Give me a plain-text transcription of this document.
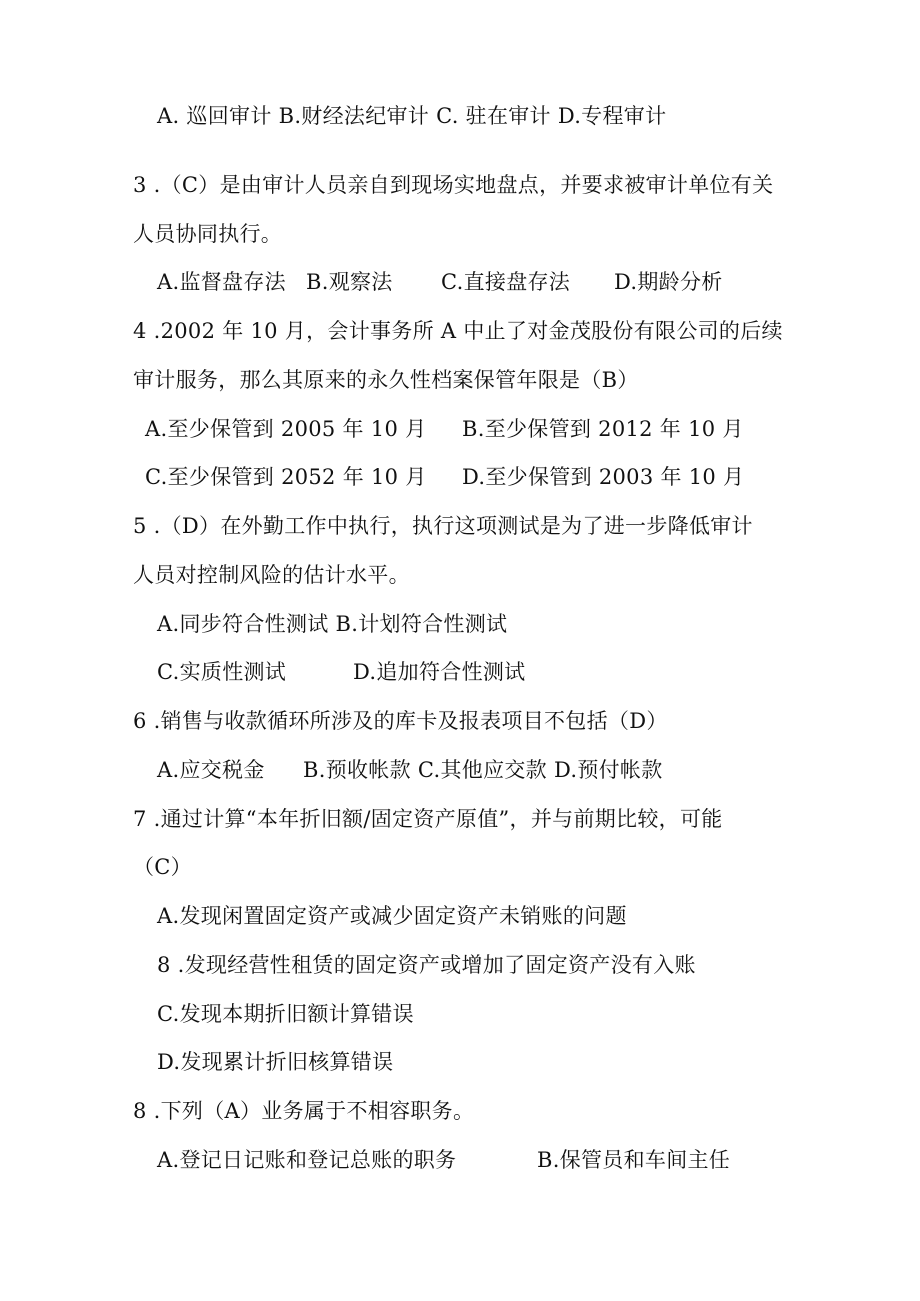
A. 巡回审计 B.财经法纪审计 C. 驻在审计 D.专程审计
3 .（C）是由审计人员亲自到现场实地盘点，并要求被审计单位有关
人员协同执行。
A.监督盘存法 B.观察法 C.直接盘存法 D.期龄分析
4 .2002 年 10 月，会计事务所 A 中止了对金茂股份有限公司的后续
审计服务，那么其原来的永久性档案保管年限是（B）
A.至少保管到 2005 年 10 月 B.至少保管到 2012 年 10 月
C.至少保管到 2052 年 10 月 D.至少保管到 2003 年 10 月
5 .（D）在外勤工作中执行，执行这项测试是为了进一步降低审计
人员对控制风险的估计水平。
A.同步符合性测试 B.计划符合性测试
C.实质性测试	D.追加符合性测试
6 .销售与收款循环所涉及的库卡及报表项目不包括（D）
A.应交税金 B.预收帐款 C.其他应交款 D.预付帐款
7 .通过计算“本年折旧额/固定资产原值”，并与前期比较，可能
（C）
A.发现闲置固定资产或减少固定资产未销账的问题
8 .发现经营性租赁的固定资产或增加了固定资产没有入账
C.发现本期折旧额计算错误
D.发现累计折旧核算错误
8 .下列（A）业务属于不相容职务。
A.登记日记账和登记总账的职务	B.保管员和车间主任
